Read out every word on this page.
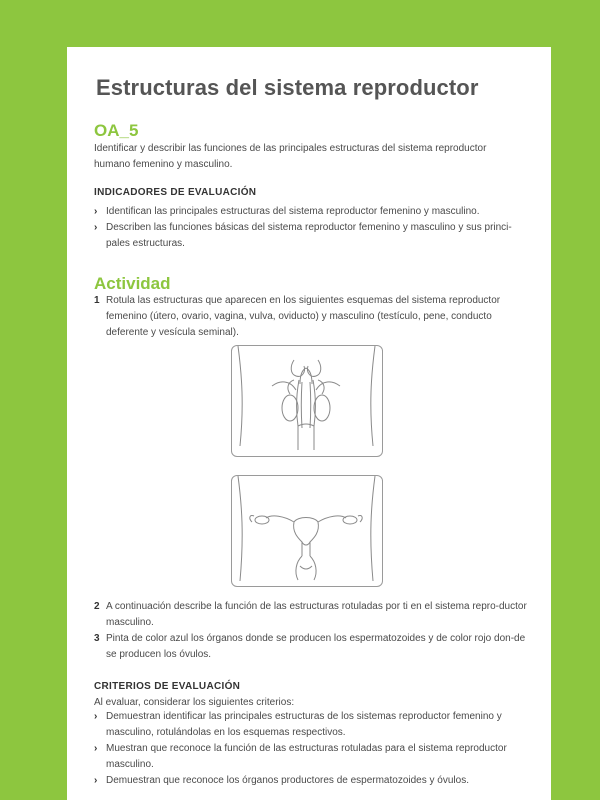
Estructuras del sistema reproductor
OA_5

Identificar y describir las funciones de las principales estructuras del sistema reproductor humano femenino y masculino.

INDICADORES DE EVALUACIÓN
› Identifican las principales estructuras del sistema reproductor femenino y masculino.
› Describen las funciones básicas del sistema reproductor femenino y masculino y sus princi-pales estructuras.
Actividad
1 Rotula las estructuras que aparecen en los siguientes esquemas del sistema reproductor femenino (útero, ovario, vagina, vulva, oviducto) y masculino (testículo, pene, conducto deferente y vesícula seminal).
2 A continuación describe la función de las estructuras rotuladas por ti en el sistema repro-ductor masculino.
3 Pinta de color azul los órganos donde se producen los espermatozoides y de color rojo don-de se producen los óvulos.
CRITERIOS DE EVALUACIÓN

Al evaluar, considerar los siguientes criterios:

› Demuestran identificar las principales estructuras de los sistemas reproductor femenino y masculino, rotulándolas en los esquemas respectivos.
› Muestran que reconoce la función de las estructuras rotuladas para el sistema reproductor masculino.
› Demuestran que reconoce los órganos productores de espermatozoides y óvulos.
